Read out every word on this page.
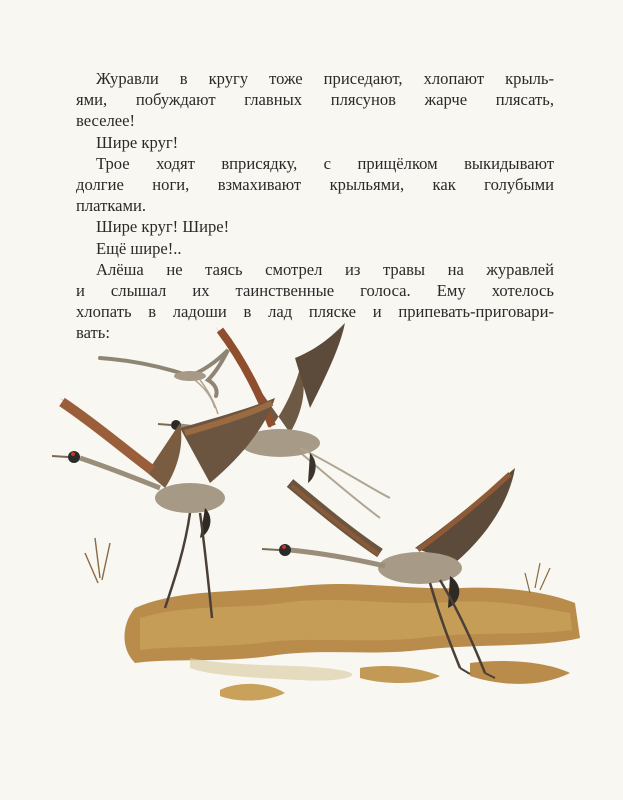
Журавли в кругу тоже приседают, хлопают крыль-
ями, побуждают главных плясунов жарче плясать,
веселее!

Шире круг!

Трое ходят вприсядку, с прищёлком выкидывают
долгие ноги, взмахивают крыльями, как голубыми
платками.

Шире круг! Шире!

Ещё шире!..

Алёша не таясь смотрел из травы на журавлей
и слышал их таинственные голоса. Ему хотелось
хлопать в ладоши в лад пляске и припевать-приговари-
вать:
